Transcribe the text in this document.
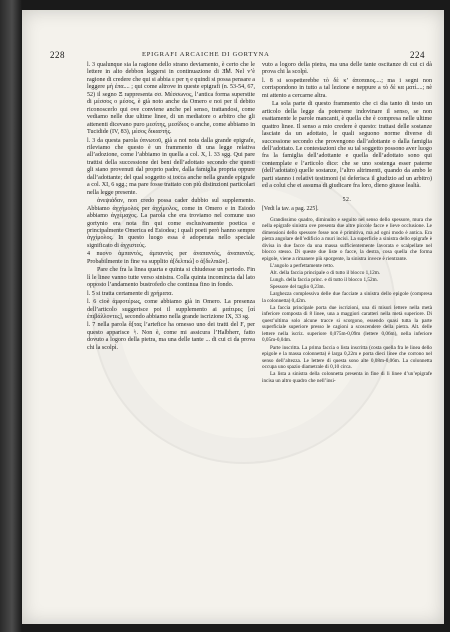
228	EPIGRAFI ARCAICHE DI GORTYNA	224

l. 3 qualunque sia la ragione dello strano deviamento, è certo che le lettere in alto debbon leggersi in continuazione di ƎᎷ. Nel v’è ragione di credere che qui si abbia ε per η e quindi si possa pensare a leggere μὴ ἐπα.... ; qui come altrove in queste epigrafi (n. 53-54, 67, 52) il segno Ξ rappresenta σσ. Μέσσωνος, l’antica forma superstite di μέσσος ο μέσος, è già noto anche da Omero e noi per il debito riconoscerlo qui ove conviene anche pel senso, trattandosi, come vediamo nelle due ultime linee, di un mediatore o arbitro che gli attenenti dicevano puro μεσίτης, μεσίδιος o anche, come abbiamo in Tucidide (IV, 83), μέσος δικαστής.

l. 3 da questa parola ὑπνωτοῦ, già a noi nota dalla grande epigrafe, rileviamo che questo è un frammento di una legge relativa all’adozione, come l’abbiamo in quella a col. X, l. 33 sgg. Qui pare trattisi della successione dei beni dell’adottato secondo che questi gli siano provenuti dal proprio padre, dalla famiglia propria oppure dall’adottante; del qual soggetto si tocca anche nella grande epigrafe a col. XI, 6 sgg.; ma pare fosse trattato con più distinzioni particolari nella legge presente.

ἀνεψιάδαν, non credo possa cader dubbio sul supplemento. Abbiamo ἀγχήμολος per ἀγχίμολος, come in Omero e in Esiodo abbiamo ἀγχέμαχος. La parola che era troviamo nel comune uso gortynio era nota fin qui come esclusivamente poetica e principalmente Omerica ed Esiodea; i quali poeti però hanno sempre ἀγχίμολος. In questo luogo essa è adoperata nello speciale significato di ἀγχιστεύς.

4 nuovo ἀμπαντός, ἀμπαντὺς per ἀναπαντὸς, ἀναπαντὺς. Probabilmente in fine va supplito ἀ[δελπιώ] o ἀ[δελπιῶν].

Pare che fra la linea quarta e quinta si chiudesse un periodo. Fin lì le linee vanno tutte verso sinistra. Colla quinta incomincia dal lato opposto l’andamento bustrofedo che continua fino in fondo.

l. 5 si tratta certamente di χρήματα.

l. 6 cioè ἀμφοτέρως, come abbiamo già in Omero. La presenza dell’articolo suggerisce poi il supplemento ai μαίτιρες [αἱ ἐπιβάλλοντες], secondo abbiamo nella grande iscrizione IX, 33 sg.

l. 7 nella parola ἄ[τας l’artefice ha omesso uno dei tratti del Ϝ, per questo apparisce ᛋ. Non è, come mi assicura l’Halbherr, fatto dovuto a logoro della pietra, ma una delle tante ... di cui ci da prova chi la scolpì.

vuto a logoro della pietra, ma una delle tante oscitanze di cui ci dà prova chi la scolpì.

l. 8 si sospetterebbe τὸ δὲ κ’ ἀποπαιος....; ma i segni non corrispondono in tutto a tal lezione e neppure a τὸ δὲ κα ματί....; nè mi attento a cercarne altra.

La sola parte di questo frammento che ci dia tanto di testo un articolo della legge da potersene indovinare il senso, se non esattamente le parole mancanti, è quella che è compresa nelle ultime quattro linee. Il senso a mio credere è questo: trattasi delle sostanze lasciate da un adottato, le quali seguono norme diverse di successione secondo che provengono dall’adottante o dalla famiglia dell’adottato. Le contestazioni che su tal soggetto possono aver luogo fra la famiglia dell’adottante e quella dell’adottato sono qui contemplate e l’articolo dice: che se uno sostenga esser paterne (dell’adottato) quelle sostanze, l’altro altrimenti, quando da ambo le parti stanno i relativi testimoni (si deferisca il giudizio ad un arbitro) ed a colui che ei assuma di giudicare fra loro, dieno giusse lealtà.

52.
[Vedi la tav. a pag. 225].

Grandissimo quadro, diminuito e seguito nel senso dello spessore, mura che nella epigrafe sinistra ove presenta due altre piccole facce e lieve occlusione. Le dimensioni dello spessore fosse non è primitiva, ma ad ogni modo è antica. Era pietra angolare dell’edificio a muri incisi. La superficie a sinistra dello epigrafe è divisa in due facce da una massa sufficientemente lavorata e scalpellate nel blocco stesso. Di queste due liste o facce, la destra, cosa quella che forma epigole, viene a rimanere più sporgente, la sinistra invece è rientrante.

L’angolo a perfettamente retto.

Alt. della faccia principale o di tutto il blocco 1,12m.

Lungh. della faccia princ. e di tutto il blocco 1,52m.

Spessore del taglio 0,23m.

Larghezza complessiva delle due facciate a sinistra dello epigole (compresa la colonnetta) 0,42m.

La faccia principale porta due iscrizioni, una di misuri lettere nella metà inferiore composta di 8 linee, una a maggiori caratteri nella metà superiore. Di quest’ultima solo alcune tracce si scorgono, essendo quasi tutta la parte superficiale superiore presso le cagioni a scoscendere della pietra. Alt. delle lettere nella iscriz. superiore 0,075m-0,09m (lettere 0,06m), nella inferiore 0,05m-0,04m.

Parte inscritta. La prima faccia o lista inscritta (costa quella fra le linea dello epigole e la massa colonnetta) è larga 0,22m e porta dieci linee che corrono nel senso dell’altezza. Le lettere di questa sono alte 0,08m-0,06m. La colonnetta occupa uno spazio diametrale di 0,10 circa.

La lista a sinistra della colonnetta presenta in fine di li linee d’un’epigrafe incisa un altro quadro che nell’insi-
